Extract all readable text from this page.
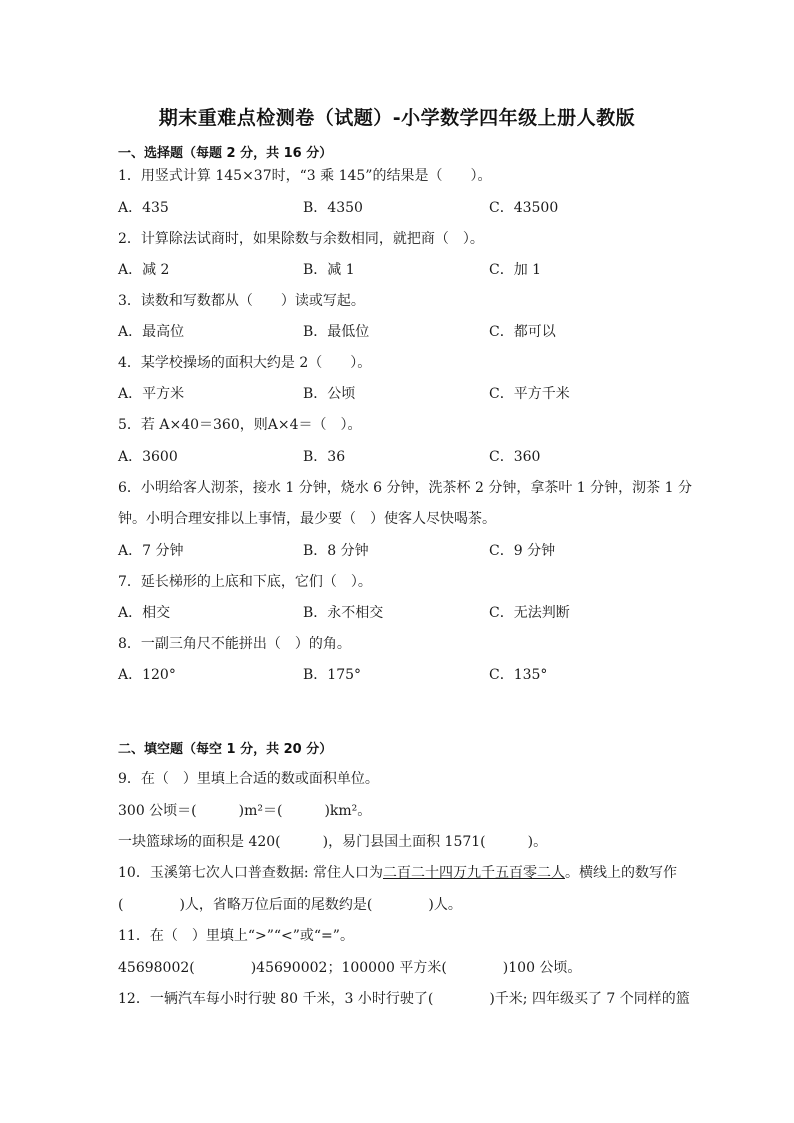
期末重难点检测卷（试题）-小学数学四年级上册人教版
一、选择题（每题 2 分，共 16 分）
1．用竖式计算 145×37时，“3 乘 145”的结果是（　　）。
A．435	B．4350	C．43500
2．计算除法试商时，如果除数与余数相同，就把商（　）。
A．减 2	B．减 1	C．加 1
3．读数和写数都从（　　）读或写起。
A．最高位	B．最低位	C．都可以
4．某学校操场的面积大约是 2（　　）。
A．平方米	B．公顷	C．平方千米
5．若 A×40＝360，则A×4＝（　）。
A．3600	B．36	C．360
6．小明给客人沏茶，接水 1 分钟，烧水 6 分钟，洗茶杯 2 分钟，拿茶叶 1 分钟，沏茶 1 分
钟。小明合理安排以上事情，最少要（　）使客人尽快喝茶。
A．7 分钟	B．8 分钟	C．9 分钟
7．延长梯形的上底和下底，它们（　）。
A．相交	B．永不相交	C．无法判断
8．一副三角尺不能拼出（　）的角。
A．120°	B．175°	C．135°
二、填空题（每空 1 分，共 20 分）
9．在（　）里填上合适的数或面积单位。
300 公顷＝(　　　)m²＝(　　　)km²。
一块篮球场的面积是 420(　　　)，易门县国土面积 1571(　　　)。
10．玉溪第七次人口普查数据: 常住人口为二百二十四万九千五百零二人。横线上的数写作
(　　　　)人，省略万位后面的尾数约是(　　　　)人。
11．在（　）里填上“>”“<”或“=”。
45698002(　　　　)45690002；100000 平方米(　　　　)100 公顷。
12．一辆汽车每小时行驶 80 千米，3 小时行驶了(　　　　)千米; 四年级买了 7 个同样的篮
